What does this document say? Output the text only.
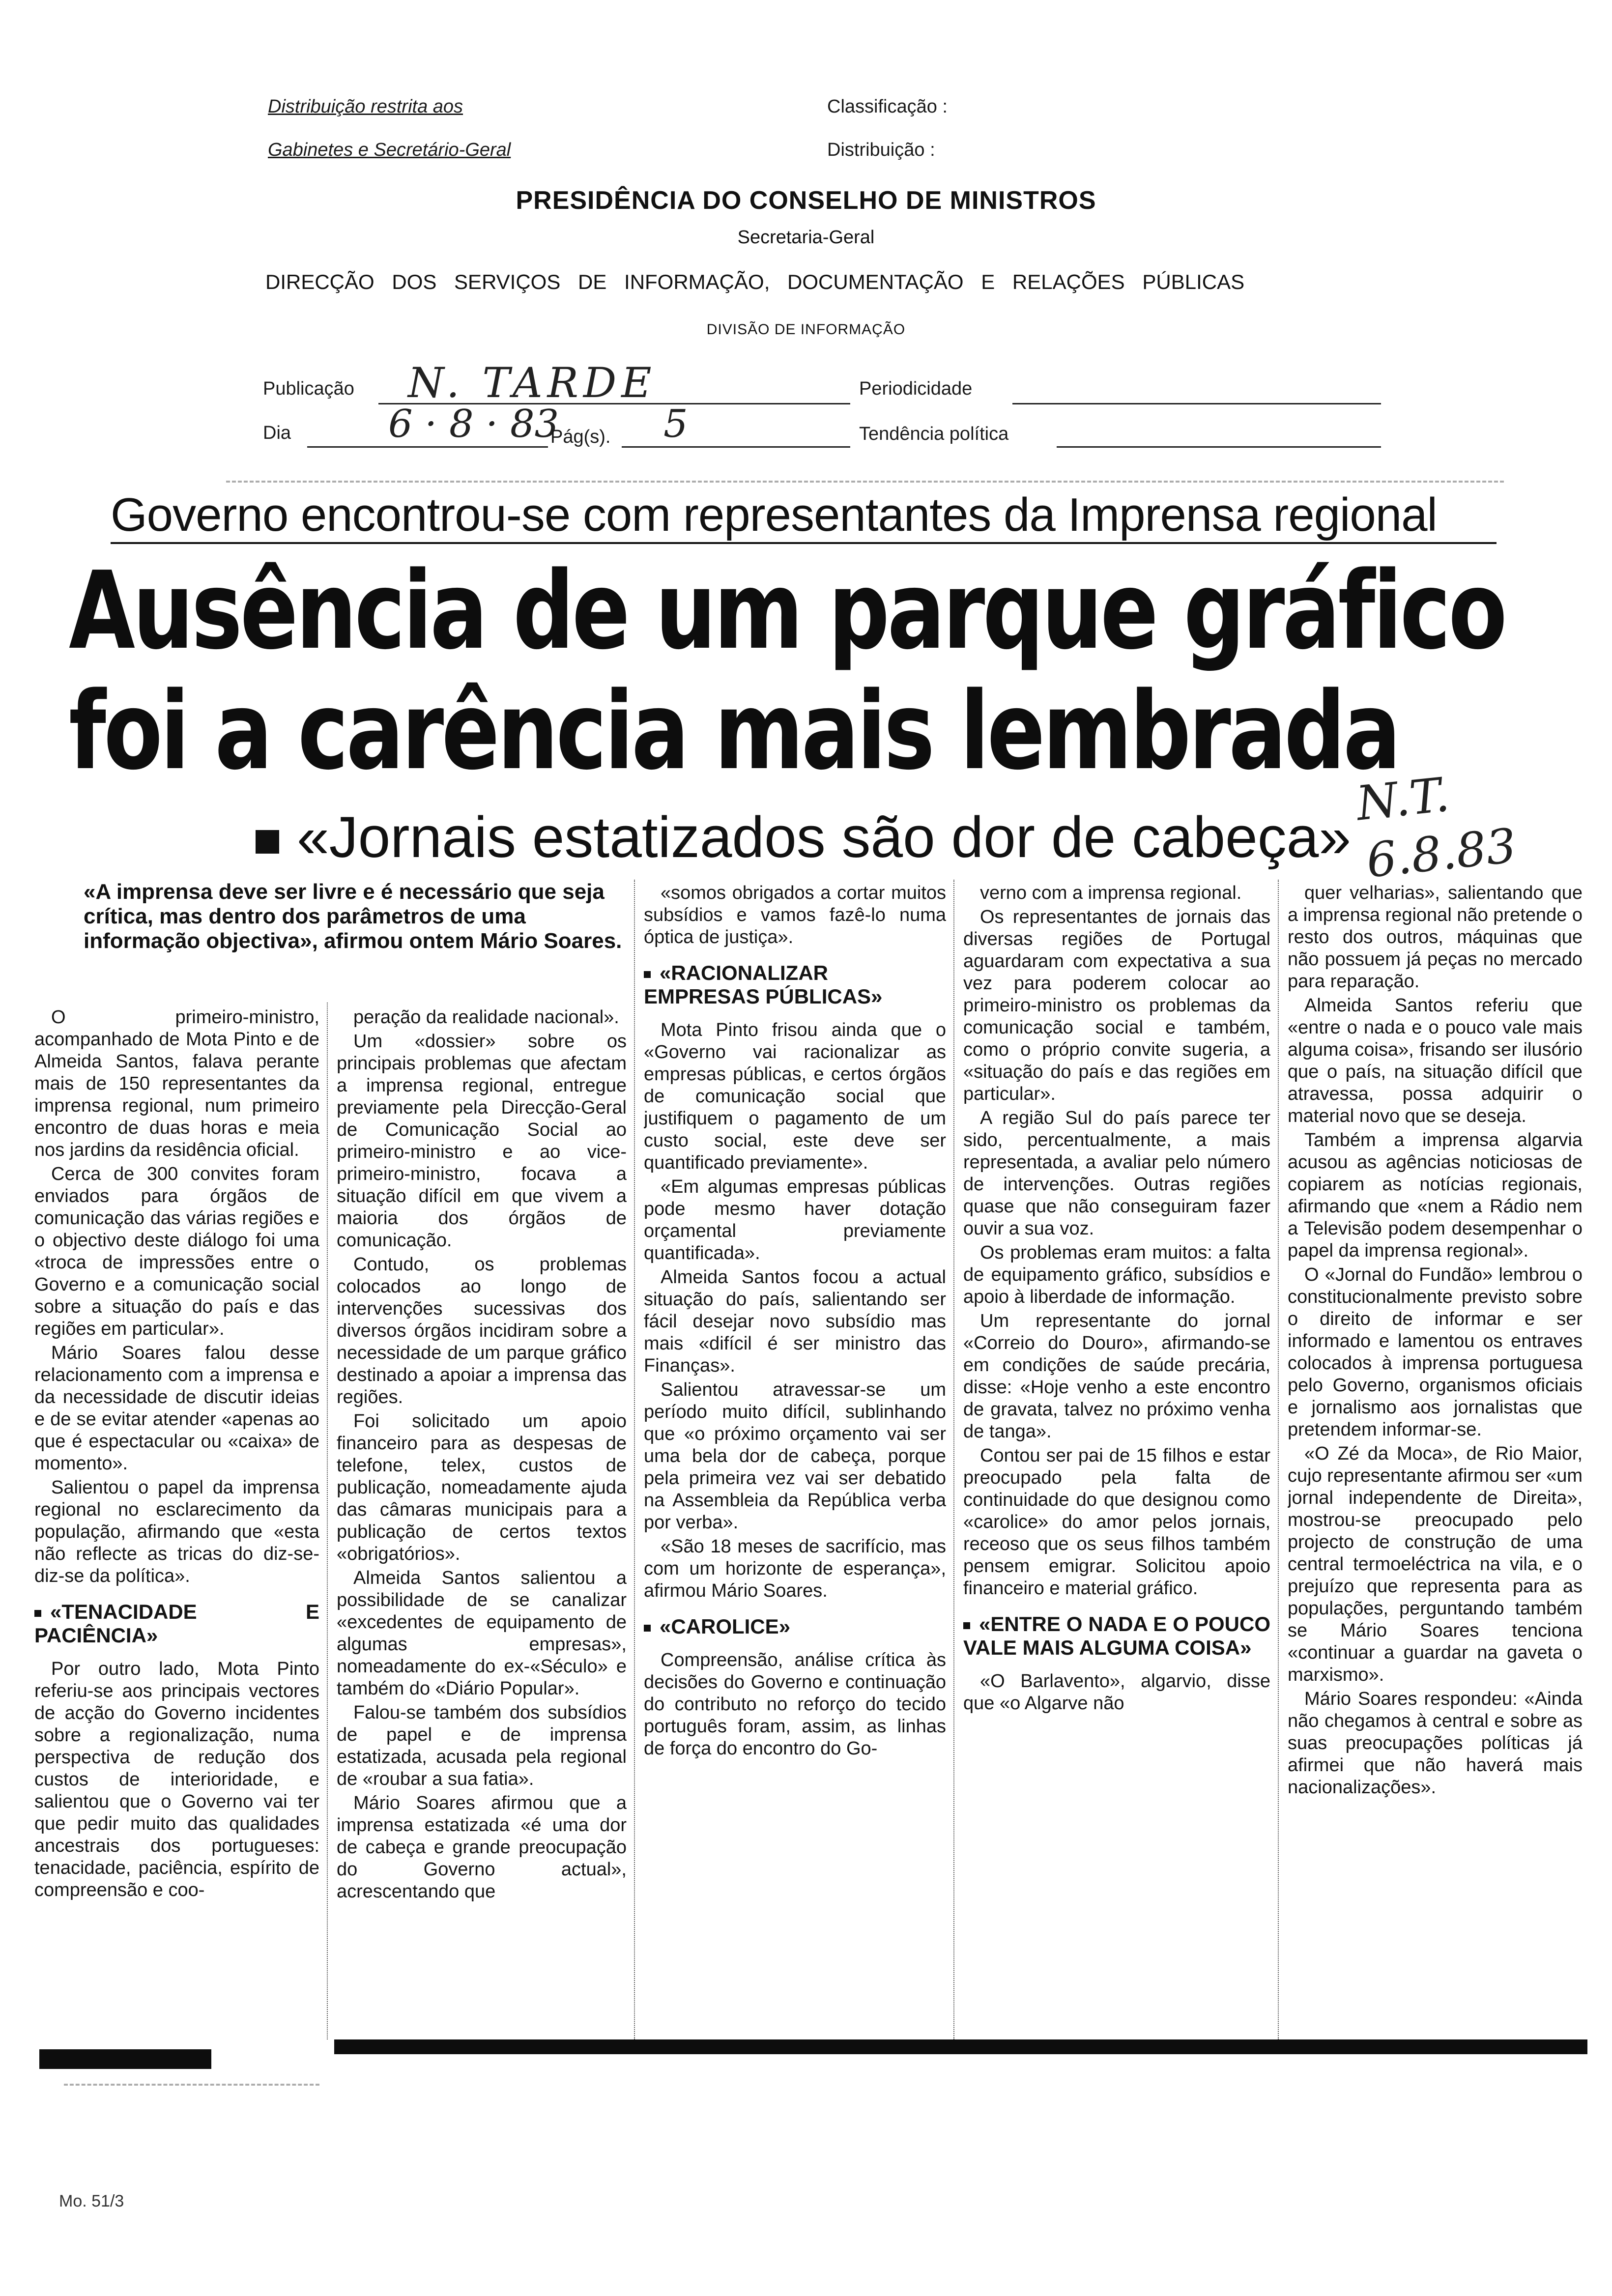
Distribuição restrita aos
Gabinetes e Secretário-Geral
Classificação :
Distribuição :
PRESIDÊNCIA DO CONSELHO DE MINISTROS
Secretaria-Geral
DIRECÇÃO DOS SERVIÇOS DE INFORMAÇÃO, DOCUMENTAÇÃO E RELAÇÕES PÚBLICAS
DIVISÃO DE INFORMAÇÃO
Publicação N. TARDE	Periodicidade
Dia	6 · 8 · 83
Pág(s). 5	Tendência política
Governo encontrou-se com representantes da Imprensa regional
Ausência de um parque gráfico
foi a carência mais lembrada
«Jornais estatizados são dor de cabeça»
N.T.
6.8.83
«A imprensa deve ser livre e é necessário que seja crítica, mas dentro dos parâmetros de uma informação objectiva», afirmou ontem Mário Soares.

O primeiro-ministro, acompanhado de Mota Pinto e de Almeida Santos, falava perante mais de 150 representantes da imprensa regional, num primeiro encontro de duas horas e meia nos jardins da residência oficial.

Cerca de 300 convites foram enviados para órgãos de comunicação das várias regiões e o objectivo deste diálogo foi uma «troca de impressões entre o Governo e a comunicação social sobre a situação do país e das regiões em particular».

Mário Soares falou desse relacionamento com a imprensa e da necessidade de discutir ideias e de se evitar atender «apenas ao que é espectacular ou «caixa» de momento».

Salientou o papel da imprensa regional no esclarecimento da população, afirmando que «esta não reflecte as tricas do diz-se-diz-se da política».

«TENACIDADE E PACIÊNCIA»

Por outro lado, Mota Pinto referiu-se aos principais vectores de acção do Governo incidentes sobre a regionalização, numa perspectiva de redução dos custos de interioridade, e salientou que o Governo vai ter que pedir muito das qualidades ancestrais dos portugueses: tenacidade, paciência, espírito de compreensão e coo-

peração da realidade nacional».

Um «dossier» sobre os principais problemas que afectam a imprensa regional, entregue previamente pela Direcção-Geral de Comunicação Social ao primeiro-ministro e ao vice-primeiro-ministro, focava a situação difícil em que vivem a maioria dos órgãos de comunicação.

Contudo, os problemas colocados ao longo de intervenções sucessivas dos diversos órgãos incidiram sobre a necessidade de um parque gráfico destinado a apoiar a imprensa das regiões.

Foi solicitado um apoio financeiro para as despesas de telefone, telex, custos de publicação, nomeadamente ajuda das câmaras municipais para a publicação de certos textos «obrigatórios».

Almeida Santos salientou a possibilidade de se canalizar «excedentes de equipamento de algumas empresas», nomeadamente do ex-«Século» e também do «Diário Popular».

Falou-se também dos subsídios de papel e de imprensa estatizada, acusada pela regional de «roubar a sua fatia».

Mário Soares afirmou que a imprensa estatizada «é uma dor de cabeça e grande preocupação do Governo actual», acrescentando que

«somos obrigados a cortar muitos subsídios e vamos fazê-lo numa óptica de justiça».

«RACIONALIZAR EMPRESAS PÚBLICAS»

Mota Pinto frisou ainda que o «Governo vai racionalizar as empresas públicas, e certos órgãos de comunicação social que justifiquem o pagamento de um custo social, este deve ser quantificado previamente».

«Em algumas empresas públicas pode mesmo haver dotação orçamental previamente quantificada».

Almeida Santos focou a actual situação do país, salientando ser fácil desejar novo subsídio mas mais «difícil é ser ministro das Finanças».

Salientou atravessar-se um período muito difícil, sublinhando que «o próximo orçamento vai ser uma bela dor de cabeça, porque pela primeira vez vai ser debatido na Assembleia da República verba por verba».

«São 18 meses de sacrifício, mas com um horizonte de esperança», afirmou Mário Soares.

«CAROLICE»

Compreensão, análise crítica às decisões do Governo e continuação do contributo no reforço do tecido português foram, assim, as linhas de força do encontro do Go-

verno com a imprensa regional.

Os representantes de jornais das diversas regiões de Portugal aguardaram com expectativa a sua vez para poderem colocar ao primeiro-ministro os problemas da comunicação social e também, como o próprio convite sugeria, a «situação do país e das regiões em particular».

A região Sul do país parece ter sido, percentualmente, a mais representada, a avaliar pelo número de intervenções. Outras regiões quase que não conseguiram fazer ouvir a sua voz.

Os problemas eram muitos: a falta de equipamento gráfico, subsídios e apoio à liberdade de informação.

Um representante do jornal «Correio do Douro», afirmando-se em condições de saúde precária, disse: «Hoje venho a este encontro de gravata, talvez no próximo venha de tanga».

Contou ser pai de 15 filhos e estar preocupado pela falta de continuidade do que designou como «carolice» do amor pelos jornais, receoso que os seus filhos também pensem emigrar. Solicitou apoio financeiro e material gráfico.

«ENTRE O NADA E O POUCO VALE MAIS ALGUMA COISA»

«O Barlavento», algarvio, disse que «o Algarve não

quer velharias», salientando que a imprensa regional não pretende o resto dos outros, máquinas que não possuem já peças no mercado para reparação.

Almeida Santos referiu que «entre o nada e o pouco vale mais alguma coisa», frisando ser ilusório que o país, na situação difícil que atravessa, possa adquirir o material novo que se deseja.

Também a imprensa algarvia acusou as agências noticiosas de copiarem as notícias regionais, afirmando que «nem a Rádio nem a Televisão podem desempenhar o papel da imprensa regional».

O «Jornal do Fundão» lembrou o constitucionalmente previsto sobre o direito de informar e ser informado e lamentou os entraves colocados à imprensa portuguesa pelo Governo, organismos oficiais e jornalismo aos jornalistas que pretendem informar-se.

«O Zé da Moca», de Rio Maior, cujo representante afirmou ser «um jornal independente de Direita», mostrou-se preocupado pelo projecto de construção de uma central termoeléctrica na vila, e o prejuízo que representa para as populações, perguntando também se Mário Soares tenciona «continuar a guardar na gaveta o marxismo».

Mário Soares respondeu: «Ainda não chegamos à central e sobre as suas preocupações políticas já afirmei que não haverá mais nacionalizações».

Mo. 51/3
